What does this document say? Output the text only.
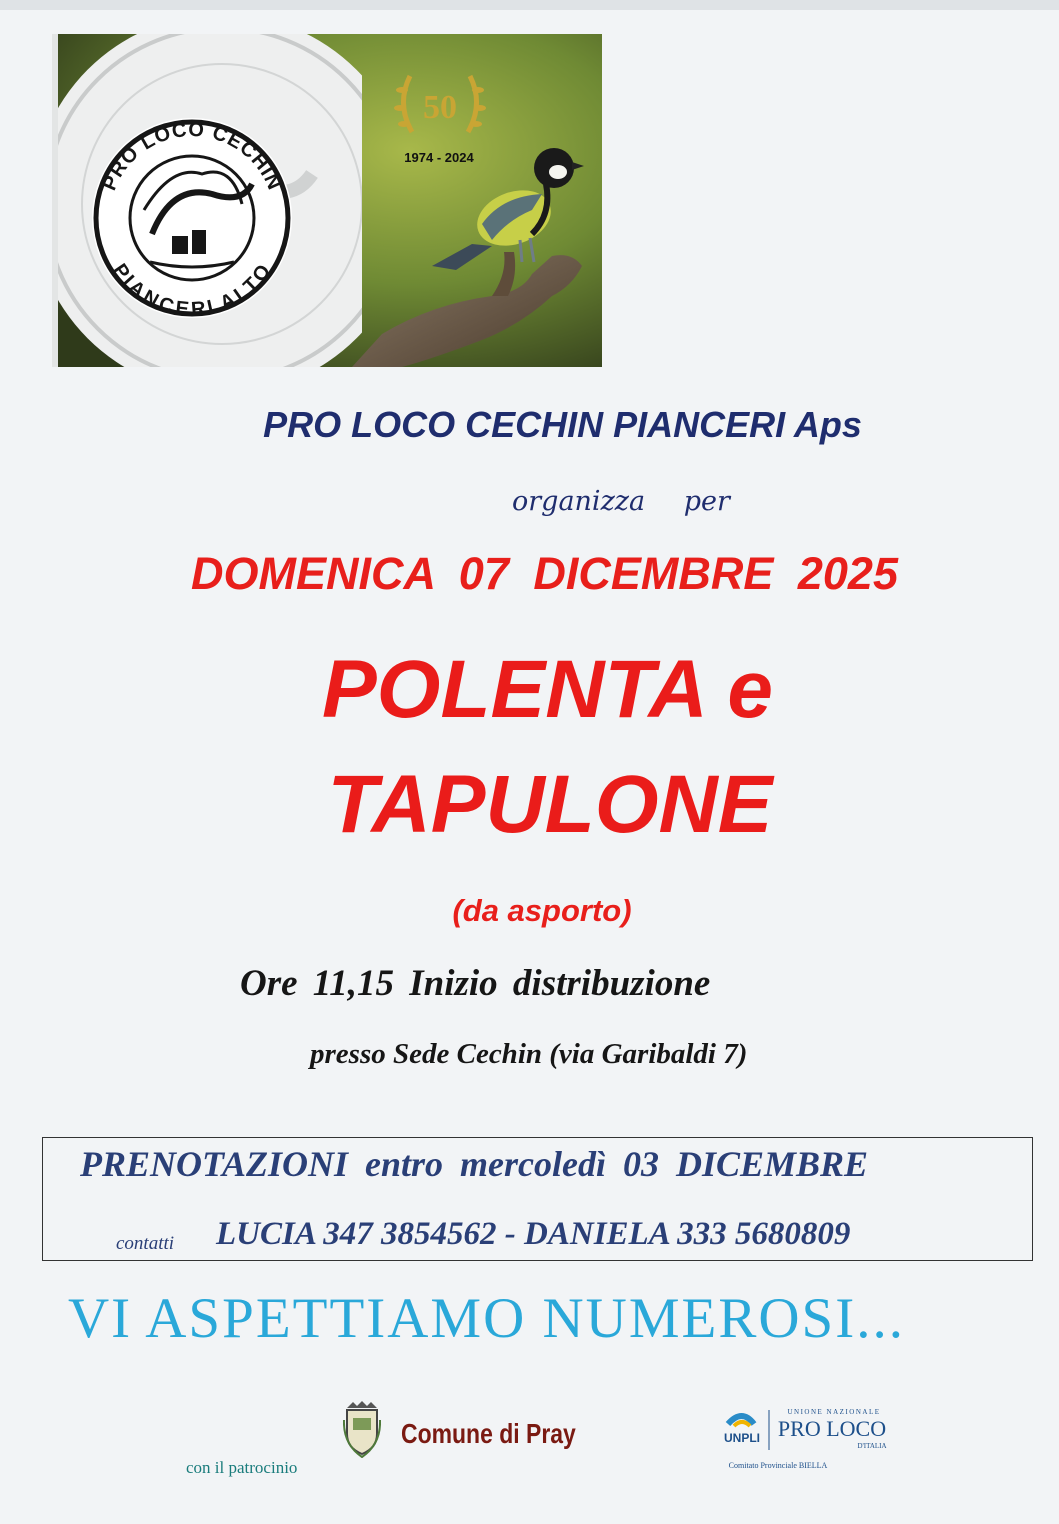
50
1974 - 2024
PRO LOCO CECHIN
PIANCERI ALTO
PRO LOCO CECHIN PIANCERI Aps
organizza per
DOMENICA 07 DICEMBRE 2025
POLENTA e
TAPULONE
(da asporto)
Ore 11,15 Inizio distribuzione
presso Sede Cechin (via Garibaldi 7)
PRENOTAZIONI entro mercoledì 03 DICEMBRE
contatti LUCIA 347 3854562 - DANIELA 333 5680809
VI ASPETTIAMO NUMEROSI...
con il patrocinio
Comune di Pray	UNPLI
UNIONE NAZIONALE
PRO LOCO
D'ITALIA
Comitato Provinciale BIELLA
